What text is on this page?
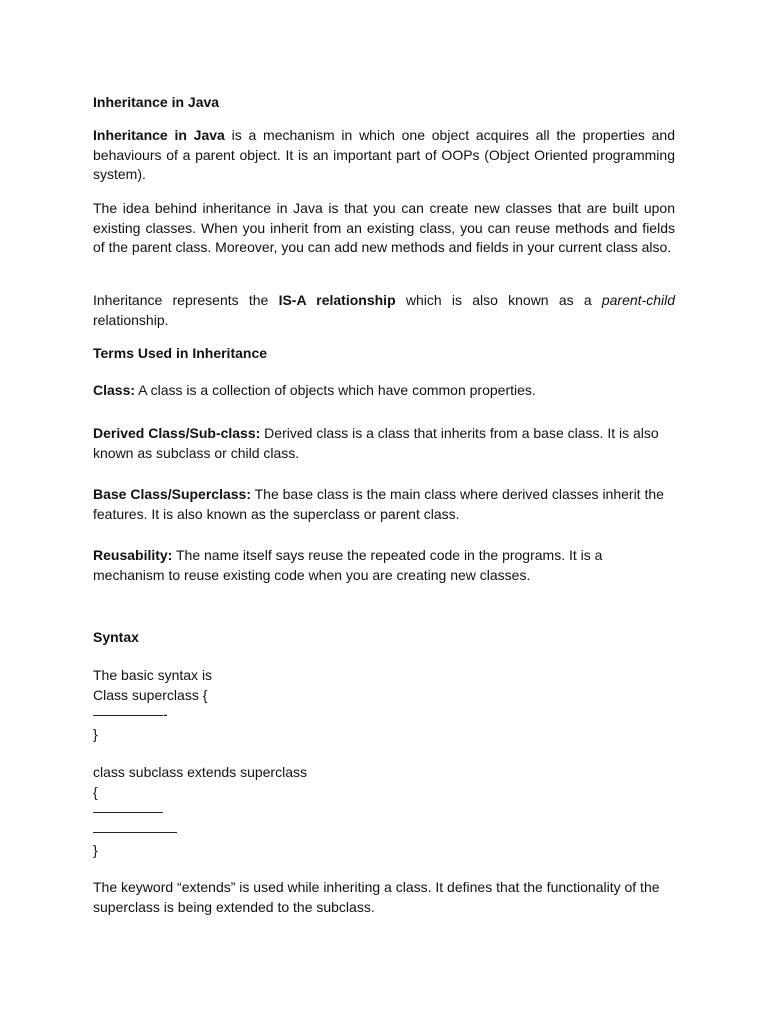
Inheritance in Java

Inheritance in Java is a mechanism in which one object acquires all the properties and behaviours of a parent object. It is an important part of OOPs (Object Oriented programming system).

The idea behind inheritance in Java is that you can create new classes that are built upon existing classes. When you inherit from an existing class, you can reuse methods and fields of the parent class. Moreover, you can add new methods and fields in your current class also.

Inheritance represents the IS-A relationship which is also known as a parent-child relationship.

Terms Used in Inheritance

Class: A class is a collection of objects which have common properties.

Derived Class/Sub-class: Derived class is a class that inherits from a base class. It is also known as subclass or child class.

Base Class/Superclass: The base class is the main class where derived classes inherit the features. It is also known as the superclass or parent class.

Reusability: The name itself says reuse the repeated code in the programs. It is a mechanism to reuse existing code when you are creating new classes.

Syntax

The basic syntax is
Class superclass {
—————-
}
class subclass extends superclass
{
—————
——————
}

The keyword “extends” is used while inheriting a class. It defines that the functionality of the superclass is being extended to the subclass.
